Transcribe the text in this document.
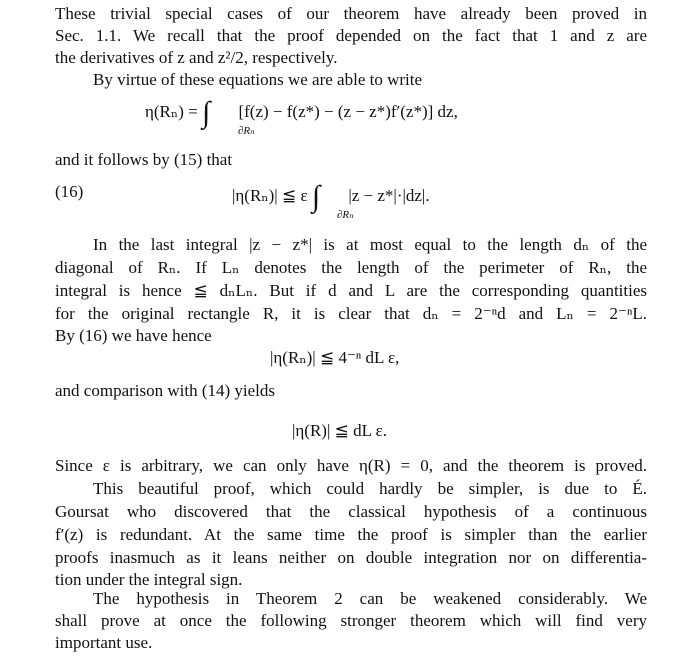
These trivial special cases of our theorem have already been proved in
Sec. 1.1. We recall that the proof depended on the fact that 1 and z are
the derivatives of z and z²/2, respectively.
By virtue of these equations we are able to write
η(Rₙ) = ∫ [f(z) − f(z*) − (z − z*)f′(z*)] dz,
∂Rₙ
and it follows by (15) that
(16)	|η(Rₙ)| ≦ ε ∫ |z − z*|·|dz|.
∂Rₙ
In the last integral |z − z*| is at most equal to the length dₙ of the
diagonal of Rₙ. If Lₙ denotes the length of the perimeter of Rₙ, the
integral is hence ≦ dₙLₙ. But if d and L are the corresponding quantities
for the original rectangle R, it is clear that dₙ = 2⁻ⁿd and Lₙ = 2⁻ⁿL.
By (16) we have hence
|η(Rₙ)| ≦ 4⁻ⁿ dL ε,
and comparison with (14) yields
|η(R)| ≦ dL ε.
Since ε is arbitrary, we can only have η(R) = 0, and the theorem is proved.
This beautiful proof, which could hardly be simpler, is due to É.
Goursat who discovered that the classical hypothesis of a continuous
f′(z) is redundant. At the same time the proof is simpler than the earlier
proofs inasmuch as it leans neither on double integration nor on differentia-
tion under the integral sign.
The hypothesis in Theorem 2 can be weakened considerably. We
shall prove at once the following stronger theorem which will find very
important use.
